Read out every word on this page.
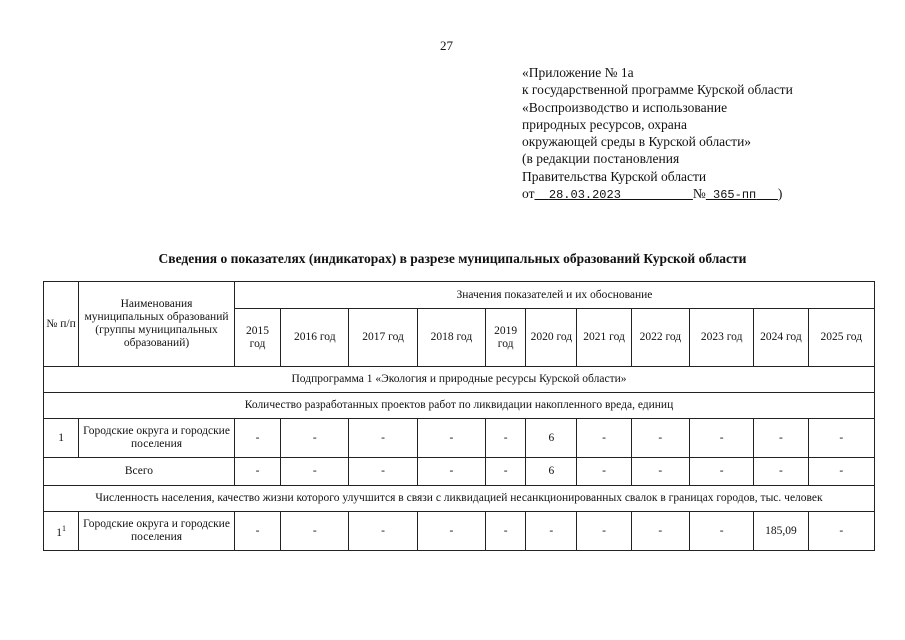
27
«Приложение № 1а
к государственной программе Курской области
«Воспроизводство и использование
природных ресурсов, охрана
окружающей среды в Курской области»
(в редакции постановления
Правительства Курской области
от 28.03.2023	№ 365-пп )
Сведения о показателях (индикаторах) в разрезе муниципальных образований Курской области
№ п/п	Наименования муниципальных образований (группы муниципальных образований)	Значения показателей и их обоснование										
		2015 год	2016 год	2017 год	2018 год	2019 год	2020 год	2021 год	2022 год	2023 год	2024 год	2025 год
Подпрограмма 1 «Экология и природные ресурсы Курской области»												
Количество разработанных проектов работ по ликвидации накопленного вреда, единиц												
1	Городские округа и городские поселения	-	-	-	-	-	6	-	-	-	-	-
Всего		-	-	-	-	-	6	-	-	-	-	-
Численность населения, качество жизни которого улучшится в связи с ликвидацией несанкционированных свалок в границах городов, тыс. человек												
$1^1$	Городские округа и городские поселения	-	-	-	-	-	-	-	-	-	185,09	-
